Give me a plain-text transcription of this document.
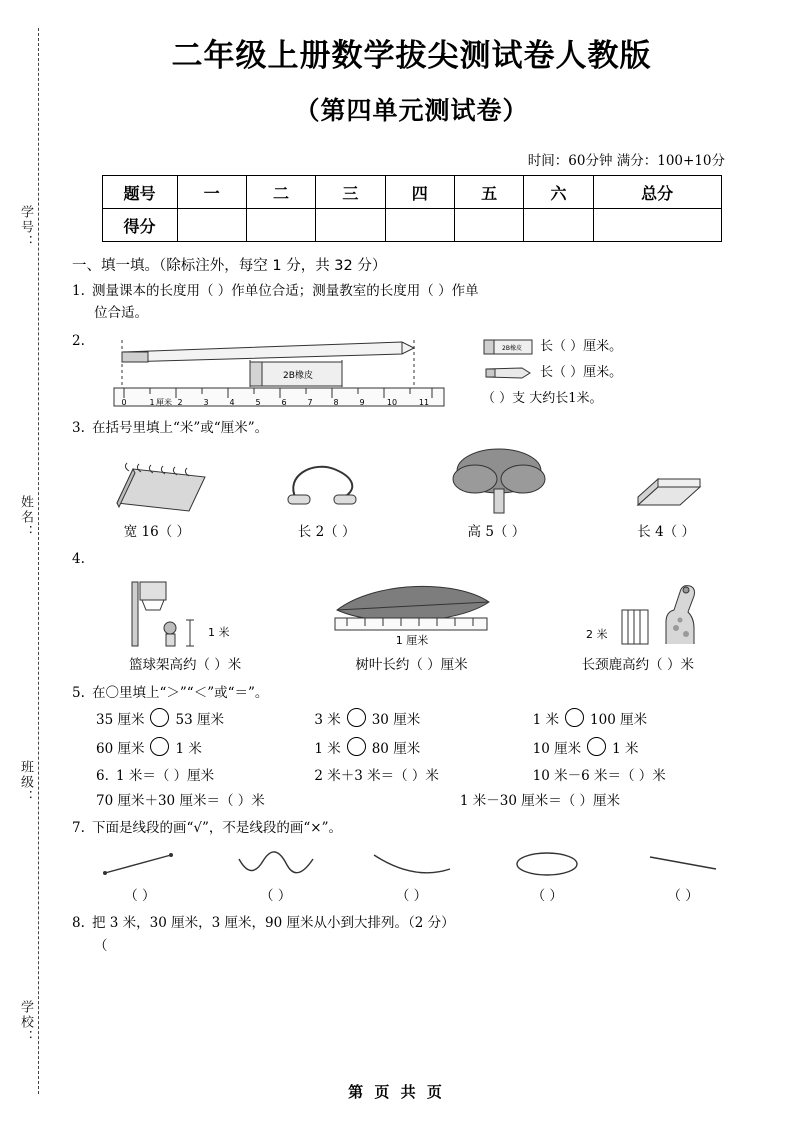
学号：
姓名：
班级：
学校：
二年级上册数学拔尖测试卷人教版
（第四单元测试卷）
时间：60分钟 满分：100+10分
题号	一	二	三	四	五	六	总分
得分							
一、填一填。（除标注外，每空 1 分，共 32 分）
1. 测量课本的长度用（ ）作单位合适；测量教室的长度用（ ）作单
位合适。
2.
2B橡皮
0	1 厘米 2	3	4	5	6	7	8	9	10	11
2B橡皮 长（ ）厘米。
长（ ）厘米。
（ ）支 大约长1米。
3. 在括号里填上“米”或“厘米”。
宽 16（ ）	长 2（ ）	高 5（ ）	长 4（ ）
4.
1 米
1 厘米	2 米
篮球架高约（ ）米	树叶长约（ ）厘米	长颈鹿高约（ ）米
5. 在〇里填上“＞”“＜”或“＝”。
35 厘米 53 厘米	3 米 30 厘米	1 米 100 厘米
60 厘米 1 米	1 米 80 厘米	10 厘米 1 米
6. 1 米＝（ ）厘米	2 米＋3 米＝（ ）米	10 米－6 米＝（ ）米
70 厘米＋30 厘米＝（ ）米	1 米－30 厘米＝（ ）厘米
7. 下面是线段的画“√”，不是线段的画“×”。
（ ）	（ ）	（ ）	（ ）	（ ）
8. 把 3 米，30 厘米，3 厘米，90 厘米从小到大排列。（2 分）
（
第 页 共 页
